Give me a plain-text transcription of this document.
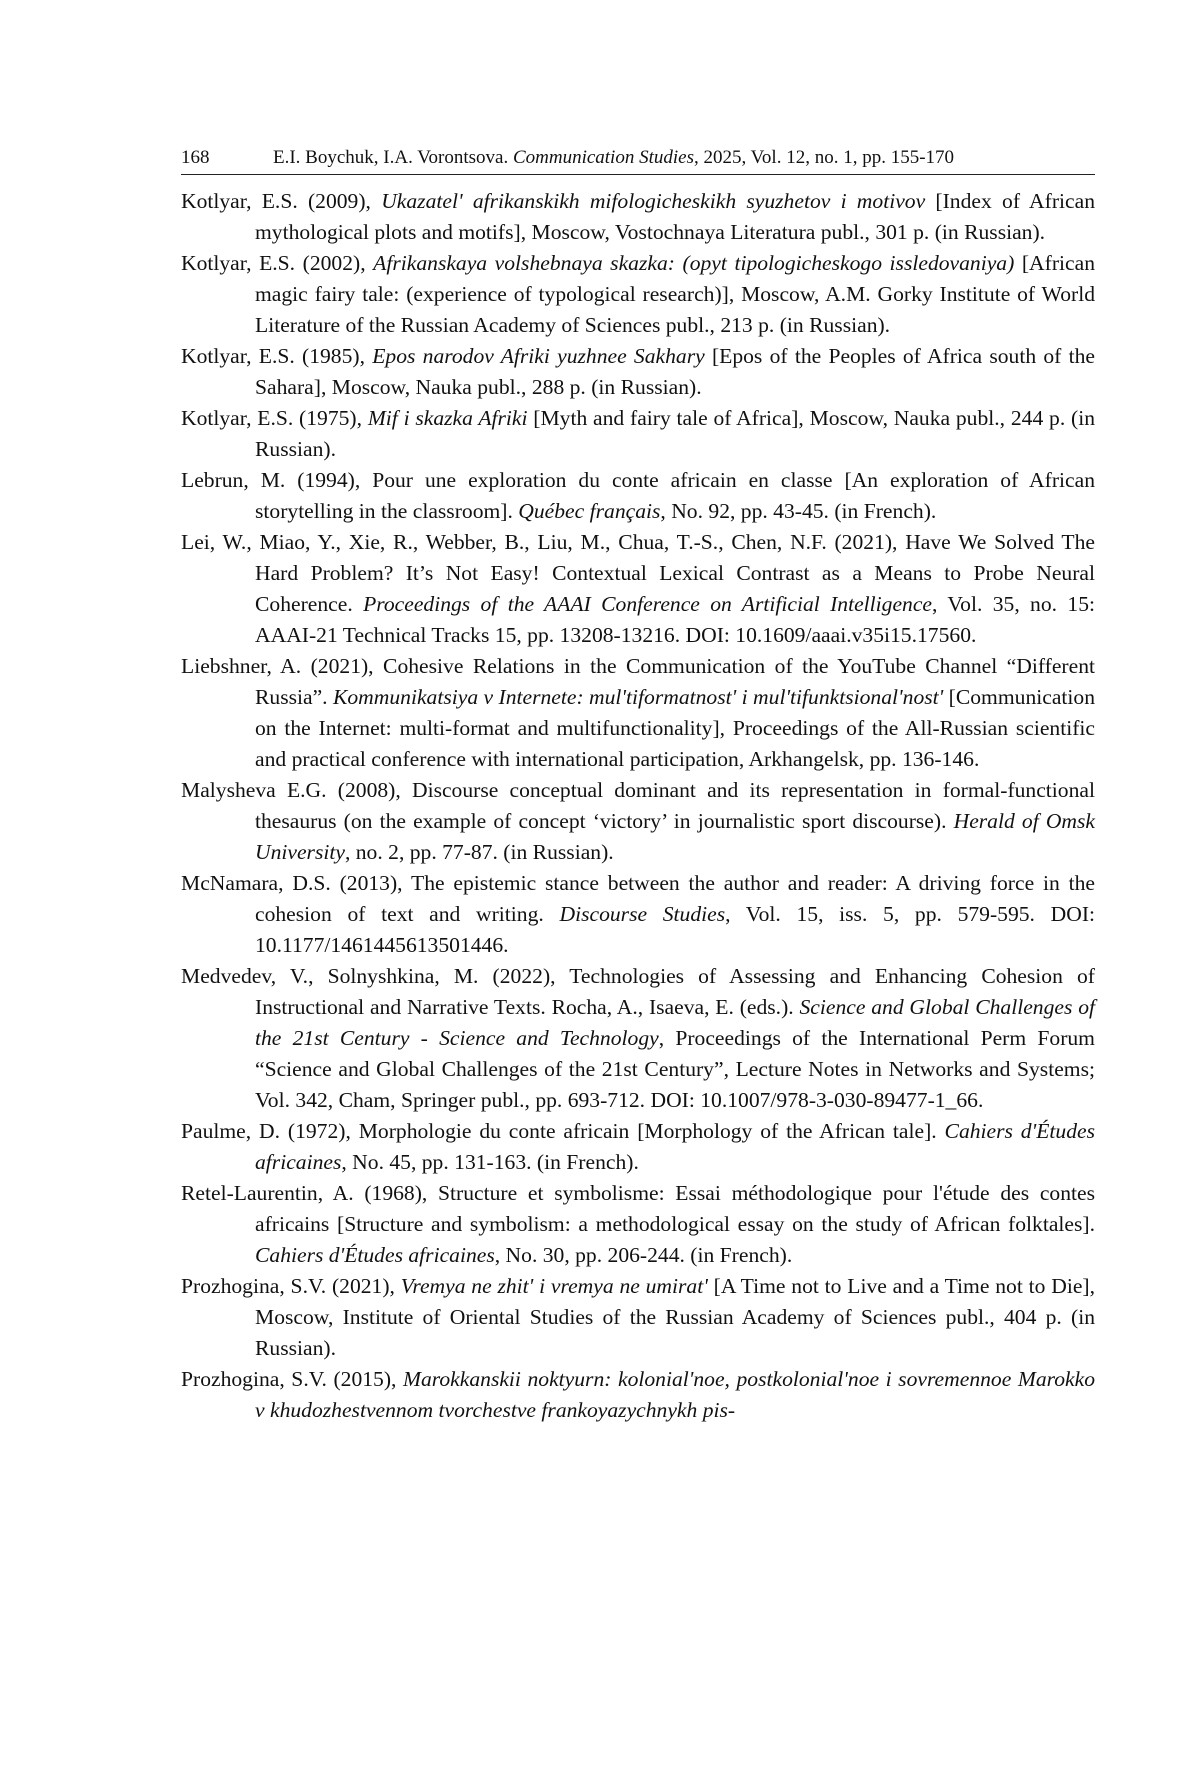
168	E.I. Boychuk, I.A. Vorontsova. Communication Studies, 2025, Vol. 12, no. 1, pp. 155-170
Kotlyar, E.S. (2009), Ukazatel' afrikanskikh mifologicheskikh syuzhetov i motivov [Index of African mythological plots and motifs], Moscow, Vostochnaya Literatura publ., 301 p. (in Russian).
Kotlyar, E.S. (2002), Afrikanskaya volshebnaya skazka: (opyt tipologicheskogo issledovaniya) [African magic fairy tale: (experience of typological research)], Moscow, A.M. Gorky Institute of World Literature of the Russian Academy of Sciences publ., 213 p. (in Russian).
Kotlyar, E.S. (1985), Epos narodov Afriki yuzhnee Sakhary [Epos of the Peoples of Africa south of the Sahara], Moscow, Nauka publ., 288 p. (in Russian).
Kotlyar, E.S. (1975), Mif i skazka Afriki [Myth and fairy tale of Africa], Moscow, Nauka publ., 244 p. (in Russian).
Lebrun, M. (1994), Pour une exploration du conte africain en classe [An exploration of African storytelling in the classroom]. Québec français, No. 92, pp. 43-45. (in French).
Lei, W., Miao, Y., Xie, R., Webber, B., Liu, M., Chua, T.-S., Chen, N.F. (2021), Have We Solved The Hard Problem? It’s Not Easy! Contextual Lexical Contrast as a Means to Probe Neural Coherence. Proceedings of the AAAI Conference on Artificial Intelligence, Vol. 35, no. 15: AAAI-21 Technical Tracks 15, pp. 13208-13216. DOI: 10.1609/aaai.v35i15.17560.
Liebshner, A. (2021), Cohesive Relations in the Communication of the YouTube Channel “Different Russia”. Kommunikatsiya v Internete: mul'tiformatnost' i mul'tifunktsional'nost' [Communication on the Internet: multi-format and multifunctionality], Proceedings of the All-Russian scientific and practical conference with international participation, Arkhangelsk, pp. 136-146.
Malysheva E.G. (2008), Discourse conceptual dominant and its representation in formal-functional thesaurus (on the example of concept ‘victory’ in journalistic sport discourse). Herald of Omsk University, no. 2, pp. 77-87. (in Russian).
McNamara, D.S. (2013), The epistemic stance between the author and reader: A driving force in the cohesion of text and writing. Discourse Studies, Vol. 15, iss. 5, pp. 579-595. DOI: 10.1177/1461445613501446.
Medvedev, V., Solnyshkina, M. (2022), Technologies of Assessing and Enhancing Cohesion of Instructional and Narrative Texts. Rocha, A., Isaeva, E. (eds.). Science and Global Challenges of the 21st Century - Science and Technology, Proceedings of the International Perm Forum “Science and Global Challenges of the 21st Century”, Lecture Notes in Networks and Systems; Vol. 342, Cham, Springer publ., pp. 693-712. DOI: 10.1007/978-3-030-89477-1_66.
Paulme, D. (1972), Morphologie du conte africain [Morphology of the African tale]. Cahiers d'Études africaines, No. 45, pp. 131-163. (in French).
Retel-Laurentin, A. (1968), Structure et symbolisme: Essai méthodologique pour l'étude des contes africains [Structure and symbolism: a methodological essay on the study of African folktales]. Cahiers d'Études africaines, No. 30, pp. 206-244. (in French).
Prozhogina, S.V. (2021), Vremya ne zhit' i vremya ne umirat' [A Time not to Live and a Time not to Die], Moscow, Institute of Oriental Studies of the Russian Academy of Sciences publ., 404 p. (in Russian).
Prozhogina, S.V. (2015), Marokkanskii noktyurn: kolonial'noe, postkolonial'noe i sovremennoe Marokko v khudozhestvennom tvorchestve frankoyazychnykh pis-
